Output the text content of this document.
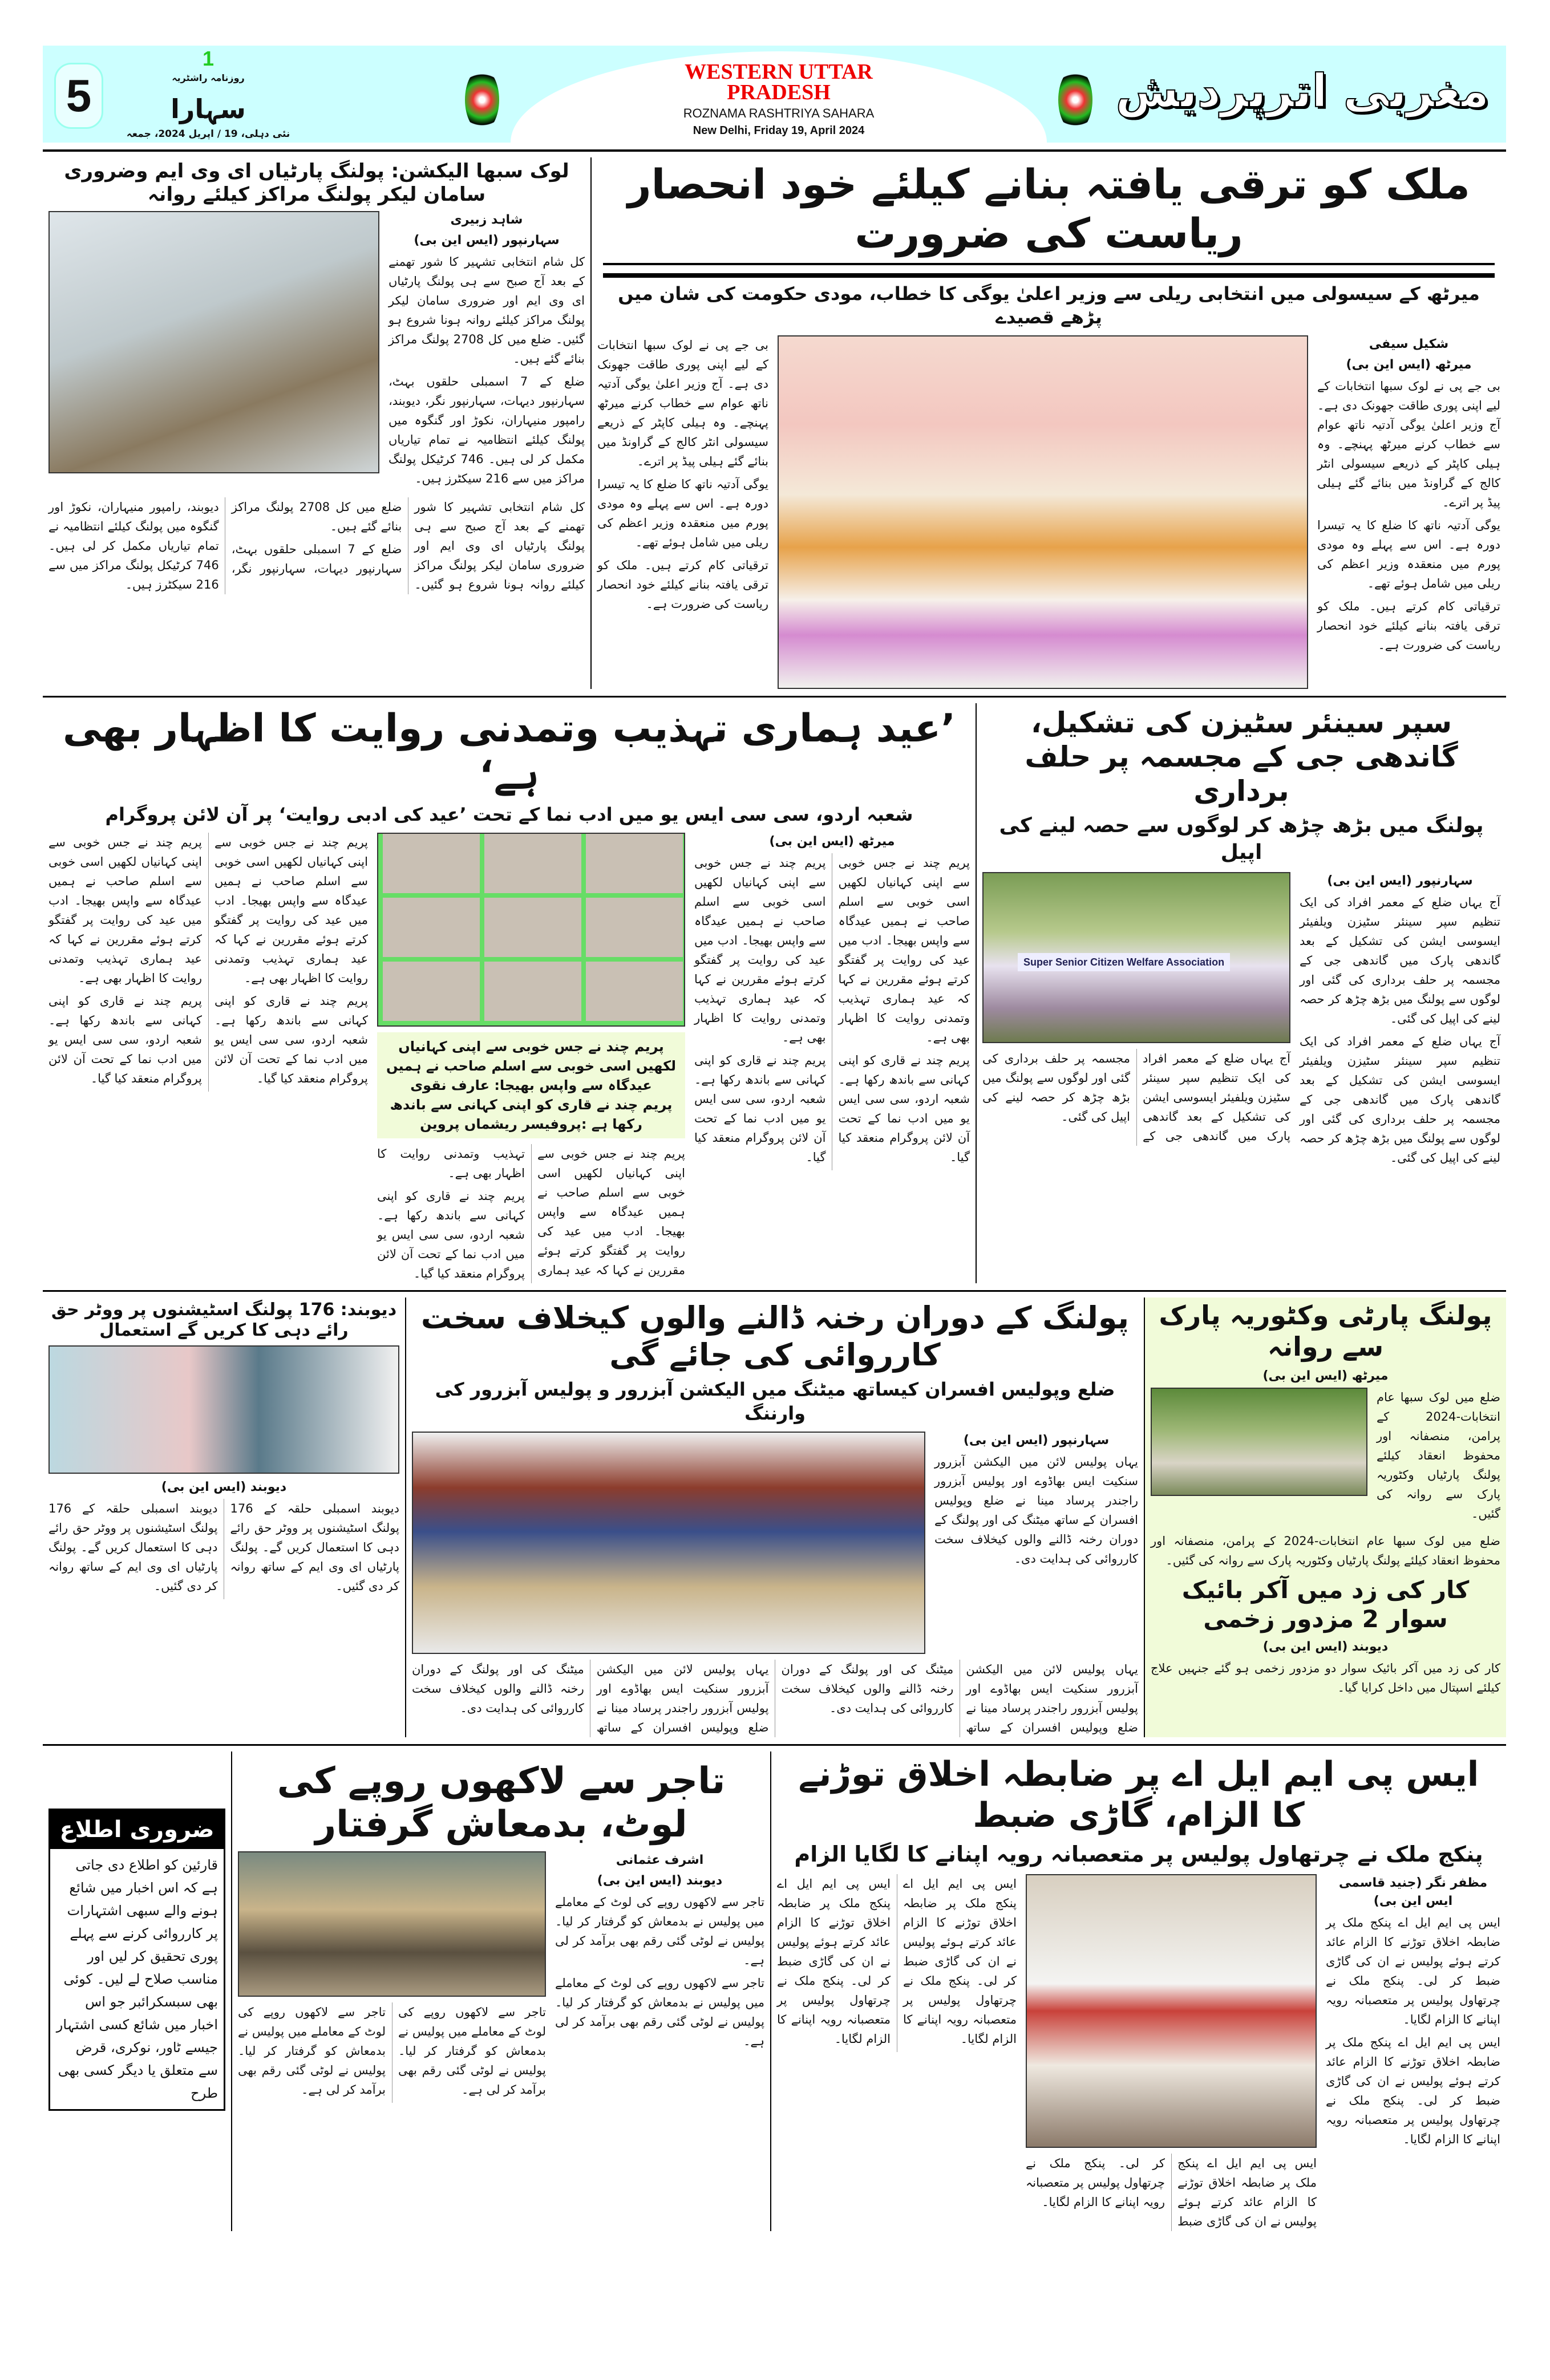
5
1
روزنامہ راشٹریہ
سہارا
نئی دہلی، 19 / اپریل 2024، جمعہ
WESTERN UTTAR PRADESH
ROZNAMA RASHTRIYA SAHARA
New Delhi, Friday 19, April 2024
مغربی اترپردیش
لوک سبھا الیکشن: پولنگ پارٹیاں ای وی ایم وضروری سامان لیکر پولنگ مراکز کیلئے روانہ
شاہد زبیری
سہارنپور (ایس این بی)

کل شام انتخابی تشہیر کا شور تھمنے کے بعد آج صبح سے ہی پولنگ پارٹیاں ای وی ایم اور ضروری سامان لیکر پولنگ مراکز کیلئے روانہ ہونا شروع ہو گئیں۔ ضلع میں کل 2708 پولنگ مراکز بنائے گئے ہیں۔

ضلع کے 7 اسمبلی حلقوں بہٹ، سہارنپور دیہات، سہارنپور نگر، دیوبند، رامپور منیہاران، نکوڑ اور گنگوہ میں پولنگ کیلئے انتظامیہ نے تمام تیاریاں مکمل کر لی ہیں۔ 746 کرٹیکل پولنگ مراکز میں سے 216 سیکٹرز ہیں۔

کل شام انتخابی تشہیر کا شور تھمنے کے بعد آج صبح سے ہی پولنگ پارٹیاں ای وی ایم اور ضروری سامان لیکر پولنگ مراکز کیلئے روانہ ہونا شروع ہو گئیں۔ ضلع میں کل 2708 پولنگ مراکز بنائے گئے ہیں۔

ضلع کے 7 اسمبلی حلقوں بہٹ، سہارنپور دیہات، سہارنپور نگر، دیوبند، رامپور منیہاران، نکوڑ اور گنگوہ میں پولنگ کیلئے انتظامیہ نے تمام تیاریاں مکمل کر لی ہیں۔ 746 کرٹیکل پولنگ مراکز میں سے 216 سیکٹرز ہیں۔

ملک کو ترقی یافتہ بنانے کیلئے خود انحصار ریاست کی ضرورت
میرٹھ کے سیسولی میں انتخابی ریلی سے وزیر اعلیٰ یوگی کا خطاب، مودی حکومت کی شان میں پڑھے قصیدے

بی جے پی نے لوک سبھا انتخابات کے لیے اپنی پوری طاقت جھونک دی ہے۔ آج وزیر اعلیٰ یوگی آدتیہ ناتھ عوام سے خطاب کرنے میرٹھ پہنچے۔ وہ ہیلی کاپٹر کے ذریعے سیسولی انٹر کالج کے گراونڈ میں بنائے گئے ہیلی پیڈ پر اترے۔

یوگی آدتیہ ناتھ کا ضلع کا یہ تیسرا دورہ ہے۔ اس سے پہلے وہ مودی پورم میں منعقدہ وزیر اعظم کی ریلی میں شامل ہوئے تھے۔

ترقیاتی کام کرتے ہیں۔ ملک کو ترقی یافتہ بنانے کیلئے خود انحصار ریاست کی ضرورت ہے۔

شکیل سیفی
میرٹھ (ایس این بی)

بی جے پی نے لوک سبھا انتخابات کے لیے اپنی پوری طاقت جھونک دی ہے۔ آج وزیر اعلیٰ یوگی آدتیہ ناتھ عوام سے خطاب کرنے میرٹھ پہنچے۔ وہ ہیلی کاپٹر کے ذریعے سیسولی انٹر کالج کے گراونڈ میں بنائے گئے ہیلی پیڈ پر اترے۔

یوگی آدتیہ ناتھ کا ضلع کا یہ تیسرا دورہ ہے۔ اس سے پہلے وہ مودی پورم میں منعقدہ وزیر اعظم کی ریلی میں شامل ہوئے تھے۔

ترقیاتی کام کرتے ہیں۔ ملک کو ترقی یافتہ بنانے کیلئے خود انحصار ریاست کی ضرورت ہے۔

’عید ہماری تہذیب وتمدنی روایت کا اظہار بھی ہے‘
شعبہ اردو، سی سی ایس یو میں ادب نما کے تحت ’عید کی ادبی روایت‘ پر آن لائن پروگرام

پریم چند نے جس خوبی سے اپنی کہانیاں لکھیں اسی خوبی سے اسلم صاحب نے ہمیں عیدگاہ سے واپس بھیجا۔ ادب میں عید کی روایت پر گفتگو کرتے ہوئے مقررین نے کہا کہ عید ہماری تہذیب وتمدنی روایت کا اظہار بھی ہے۔

پریم چند نے قاری کو اپنی کہانی سے باندھ رکھا ہے۔ شعبہ اردو، سی سی ایس یو میں ادب نما کے تحت آن لائن پروگرام منعقد کیا گیا۔

پریم چند نے جس خوبی سے اپنی کہانیاں لکھیں اسی خوبی سے اسلم صاحب نے ہمیں عیدگاہ سے واپس بھیجا۔ ادب میں عید کی روایت پر گفتگو کرتے ہوئے مقررین نے کہا کہ عید ہماری تہذیب وتمدنی روایت کا اظہار بھی ہے۔

پریم چند نے قاری کو اپنی کہانی سے باندھ رکھا ہے۔ شعبہ اردو، سی سی ایس یو میں ادب نما کے تحت آن لائن پروگرام منعقد کیا گیا۔

پریم چند نے جس خوبی سے اپنی کہانیاں لکھیں اسی خوبی سے اسلم صاحب نے ہمیں عیدگاہ سے واپس بھیجا: عارف نقوی
پریم چند نے قاری کو اپنی کہانی سے باندھ رکھا ہے :پروفیسر ریشماں پروین

پریم چند نے جس خوبی سے اپنی کہانیاں لکھیں اسی خوبی سے اسلم صاحب نے ہمیں عیدگاہ سے واپس بھیجا۔ ادب میں عید کی روایت پر گفتگو کرتے ہوئے مقررین نے کہا کہ عید ہماری تہذیب وتمدنی روایت کا اظہار بھی ہے۔

پریم چند نے قاری کو اپنی کہانی سے باندھ رکھا ہے۔ شعبہ اردو، سی سی ایس یو میں ادب نما کے تحت آن لائن پروگرام منعقد کیا گیا۔

میرٹھ (ایس این بی)

پریم چند نے جس خوبی سے اپنی کہانیاں لکھیں اسی خوبی سے اسلم صاحب نے ہمیں عیدگاہ سے واپس بھیجا۔ ادب میں عید کی روایت پر گفتگو کرتے ہوئے مقررین نے کہا کہ عید ہماری تہذیب وتمدنی روایت کا اظہار بھی ہے۔

پریم چند نے قاری کو اپنی کہانی سے باندھ رکھا ہے۔ شعبہ اردو، سی سی ایس یو میں ادب نما کے تحت آن لائن پروگرام منعقد کیا گیا۔

پریم چند نے جس خوبی سے اپنی کہانیاں لکھیں اسی خوبی سے اسلم صاحب نے ہمیں عیدگاہ سے واپس بھیجا۔ ادب میں عید کی روایت پر گفتگو کرتے ہوئے مقررین نے کہا کہ عید ہماری تہذیب وتمدنی روایت کا اظہار بھی ہے۔

پریم چند نے قاری کو اپنی کہانی سے باندھ رکھا ہے۔ شعبہ اردو، سی سی ایس یو میں ادب نما کے تحت آن لائن پروگرام منعقد کیا گیا۔

سپر سینئر سٹیزن کی تشکیل، گاندھی جی کے مجسمہ پر حلف برداری
پولنگ میں بڑھ چڑھ کر لوگوں سے حصہ لینے کی اپیل
Super Senior Citizen Welfare Association

آج یہاں ضلع کے معمر افراد کی ایک تنظیم سپر سینئر سٹیزن ویلفیئر ایسوسی ایشن کی تشکیل کے بعد گاندھی پارک میں گاندھی جی کے مجسمہ پر حلف برداری کی گئی اور لوگوں سے پولنگ میں بڑھ چڑھ کر حصہ لینے کی اپیل کی گئی۔

سہارنپور (ایس این بی)

آج یہاں ضلع کے معمر افراد کی ایک تنظیم سپر سینئر سٹیزن ویلفیئر ایسوسی ایشن کی تشکیل کے بعد گاندھی پارک میں گاندھی جی کے مجسمہ پر حلف برداری کی گئی اور لوگوں سے پولنگ میں بڑھ چڑھ کر حصہ لینے کی اپیل کی گئی۔

آج یہاں ضلع کے معمر افراد کی ایک تنظیم سپر سینئر سٹیزن ویلفیئر ایسوسی ایشن کی تشکیل کے بعد گاندھی پارک میں گاندھی جی کے مجسمہ پر حلف برداری کی گئی اور لوگوں سے پولنگ میں بڑھ چڑھ کر حصہ لینے کی اپیل کی گئی۔

دیوبند: 176 پولنگ اسٹیشنوں پر ووٹر حق رائے دہی کا کریں گے استعمال
دیوبند (ایس این بی)

دیوبند اسمبلی حلقہ کے 176 پولنگ اسٹیشنوں پر ووٹر حق رائے دہی کا استعمال کریں گے۔ پولنگ پارٹیاں ای وی ایم کے ساتھ روانہ کر دی گئیں۔

دیوبند اسمبلی حلقہ کے 176 پولنگ اسٹیشنوں پر ووٹر حق رائے دہی کا استعمال کریں گے۔ پولنگ پارٹیاں ای وی ایم کے ساتھ روانہ کر دی گئیں۔

پولنگ کے دوران رخنہ ڈالنے والوں کیخلاف سخت کارروائی کی جائے گی
ضلع وپولیس افسران کیساتھ میٹنگ میں الیکشن آبزرور و پولیس آبزرور کی وارننگ
سہارنپور (ایس این بی)

یہاں پولیس لائن میں الیکشن آبزرور سنکیت ایس بھاڈوے اور پولیس آبزرور راجندر پرساد مینا نے ضلع وپولیس افسران کے ساتھ میٹنگ کی اور پولنگ کے دوران رخنہ ڈالنے والوں کیخلاف سخت کارروائی کی ہدایت دی۔

یہاں پولیس لائن میں الیکشن آبزرور سنکیت ایس بھاڈوے اور پولیس آبزرور راجندر پرساد مینا نے ضلع وپولیس افسران کے ساتھ میٹنگ کی اور پولنگ کے دوران رخنہ ڈالنے والوں کیخلاف سخت کارروائی کی ہدایت دی۔

یہاں پولیس لائن میں الیکشن آبزرور سنکیت ایس بھاڈوے اور پولیس آبزرور راجندر پرساد مینا نے ضلع وپولیس افسران کے ساتھ میٹنگ کی اور پولنگ کے دوران رخنہ ڈالنے والوں کیخلاف سخت کارروائی کی ہدایت دی۔

پولنگ پارٹی وکٹوریہ پارک سے روانہ
میرٹھ (ایس این بی)

ضلع میں لوک سبھا عام انتخابات-2024 کے پرامن، منصفانہ اور محفوظ انعقاد کیلئے پولنگ پارٹیاں وکٹوریہ پارک سے روانہ کی گئیں۔

ضلع میں لوک سبھا عام انتخابات-2024 کے پرامن، منصفانہ اور محفوظ انعقاد کیلئے پولنگ پارٹیاں وکٹوریہ پارک سے روانہ کی گئیں۔

کار کی زد میں آکر بائیک سوار 2 مزدور زخمی
دیوبند (ایس این بی)

کار کی زد میں آکر بائیک سوار دو مزدور زخمی ہو گئے جنہیں علاج کیلئے اسپتال میں داخل کرایا گیا۔

ضروری اطلاع
قارئین کو اطلاع دی جاتی ہے کہ اس اخبار میں شائع ہونے والے سبھی اشتہارات پر کارروائی کرنے سے پہلے پوری تحقیق کر لیں اور مناسب صلاح لے لیں۔ کوئی بھی سبسکرائبر جو اس اخبار میں شائع کسی اشتہار جیسے ٹاور، نوکری، قرض سے متعلق یا دیگر کسی بھی طرح
تاجر سے لاکھوں روپے کی لوٹ، بدمعاش گرفتار

تاجر سے لاکھوں روپے کی لوٹ کے معاملے میں پولیس نے بدمعاش کو گرفتار کر لیا۔ پولیس نے لوٹی گئی رقم بھی برآمد کر لی ہے۔

تاجر سے لاکھوں روپے کی لوٹ کے معاملے میں پولیس نے بدمعاش کو گرفتار کر لیا۔ پولیس نے لوٹی گئی رقم بھی برآمد کر لی ہے۔

اشرف عثمانی
دیوبند (ایس این بی)

تاجر سے لاکھوں روپے کی لوٹ کے معاملے میں پولیس نے بدمعاش کو گرفتار کر لیا۔ پولیس نے لوٹی گئی رقم بھی برآمد کر لی ہے۔

تاجر سے لاکھوں روپے کی لوٹ کے معاملے میں پولیس نے بدمعاش کو گرفتار کر لیا۔ پولیس نے لوٹی گئی رقم بھی برآمد کر لی ہے۔

ایس پی ایم ایل اے پر ضابطہ اخلاق توڑنے کا الزام، گاڑی ضبط
پنکج ملک نے چرتھاول پولیس پر متعصبانہ رویہ اپنانے کا لگایا الزام

ایس پی ایم ایل اے پنکج ملک پر ضابطہ اخلاق توڑنے کا الزام عائد کرتے ہوئے پولیس نے ان کی گاڑی ضبط کر لی۔ پنکج ملک نے چرتھاول پولیس پر متعصبانہ رویہ اپنانے کا الزام لگایا۔

ایس پی ایم ایل اے پنکج ملک پر ضابطہ اخلاق توڑنے کا الزام عائد کرتے ہوئے پولیس نے ان کی گاڑی ضبط کر لی۔ پنکج ملک نے چرتھاول پولیس پر متعصبانہ رویہ اپنانے کا الزام لگایا۔

ایس پی ایم ایل اے پنکج ملک پر ضابطہ اخلاق توڑنے کا الزام عائد کرتے ہوئے پولیس نے ان کی گاڑی ضبط کر لی۔ پنکج ملک نے چرتھاول پولیس پر متعصبانہ رویہ اپنانے کا الزام لگایا۔

مظفر نگر (جنید قاسمی ایس این بی)

ایس پی ایم ایل اے پنکج ملک پر ضابطہ اخلاق توڑنے کا الزام عائد کرتے ہوئے پولیس نے ان کی گاڑی ضبط کر لی۔ پنکج ملک نے چرتھاول پولیس پر متعصبانہ رویہ اپنانے کا الزام لگایا۔

ایس پی ایم ایل اے پنکج ملک پر ضابطہ اخلاق توڑنے کا الزام عائد کرتے ہوئے پولیس نے ان کی گاڑی ضبط کر لی۔ پنکج ملک نے چرتھاول پولیس پر متعصبانہ رویہ اپنانے کا الزام لگایا۔
